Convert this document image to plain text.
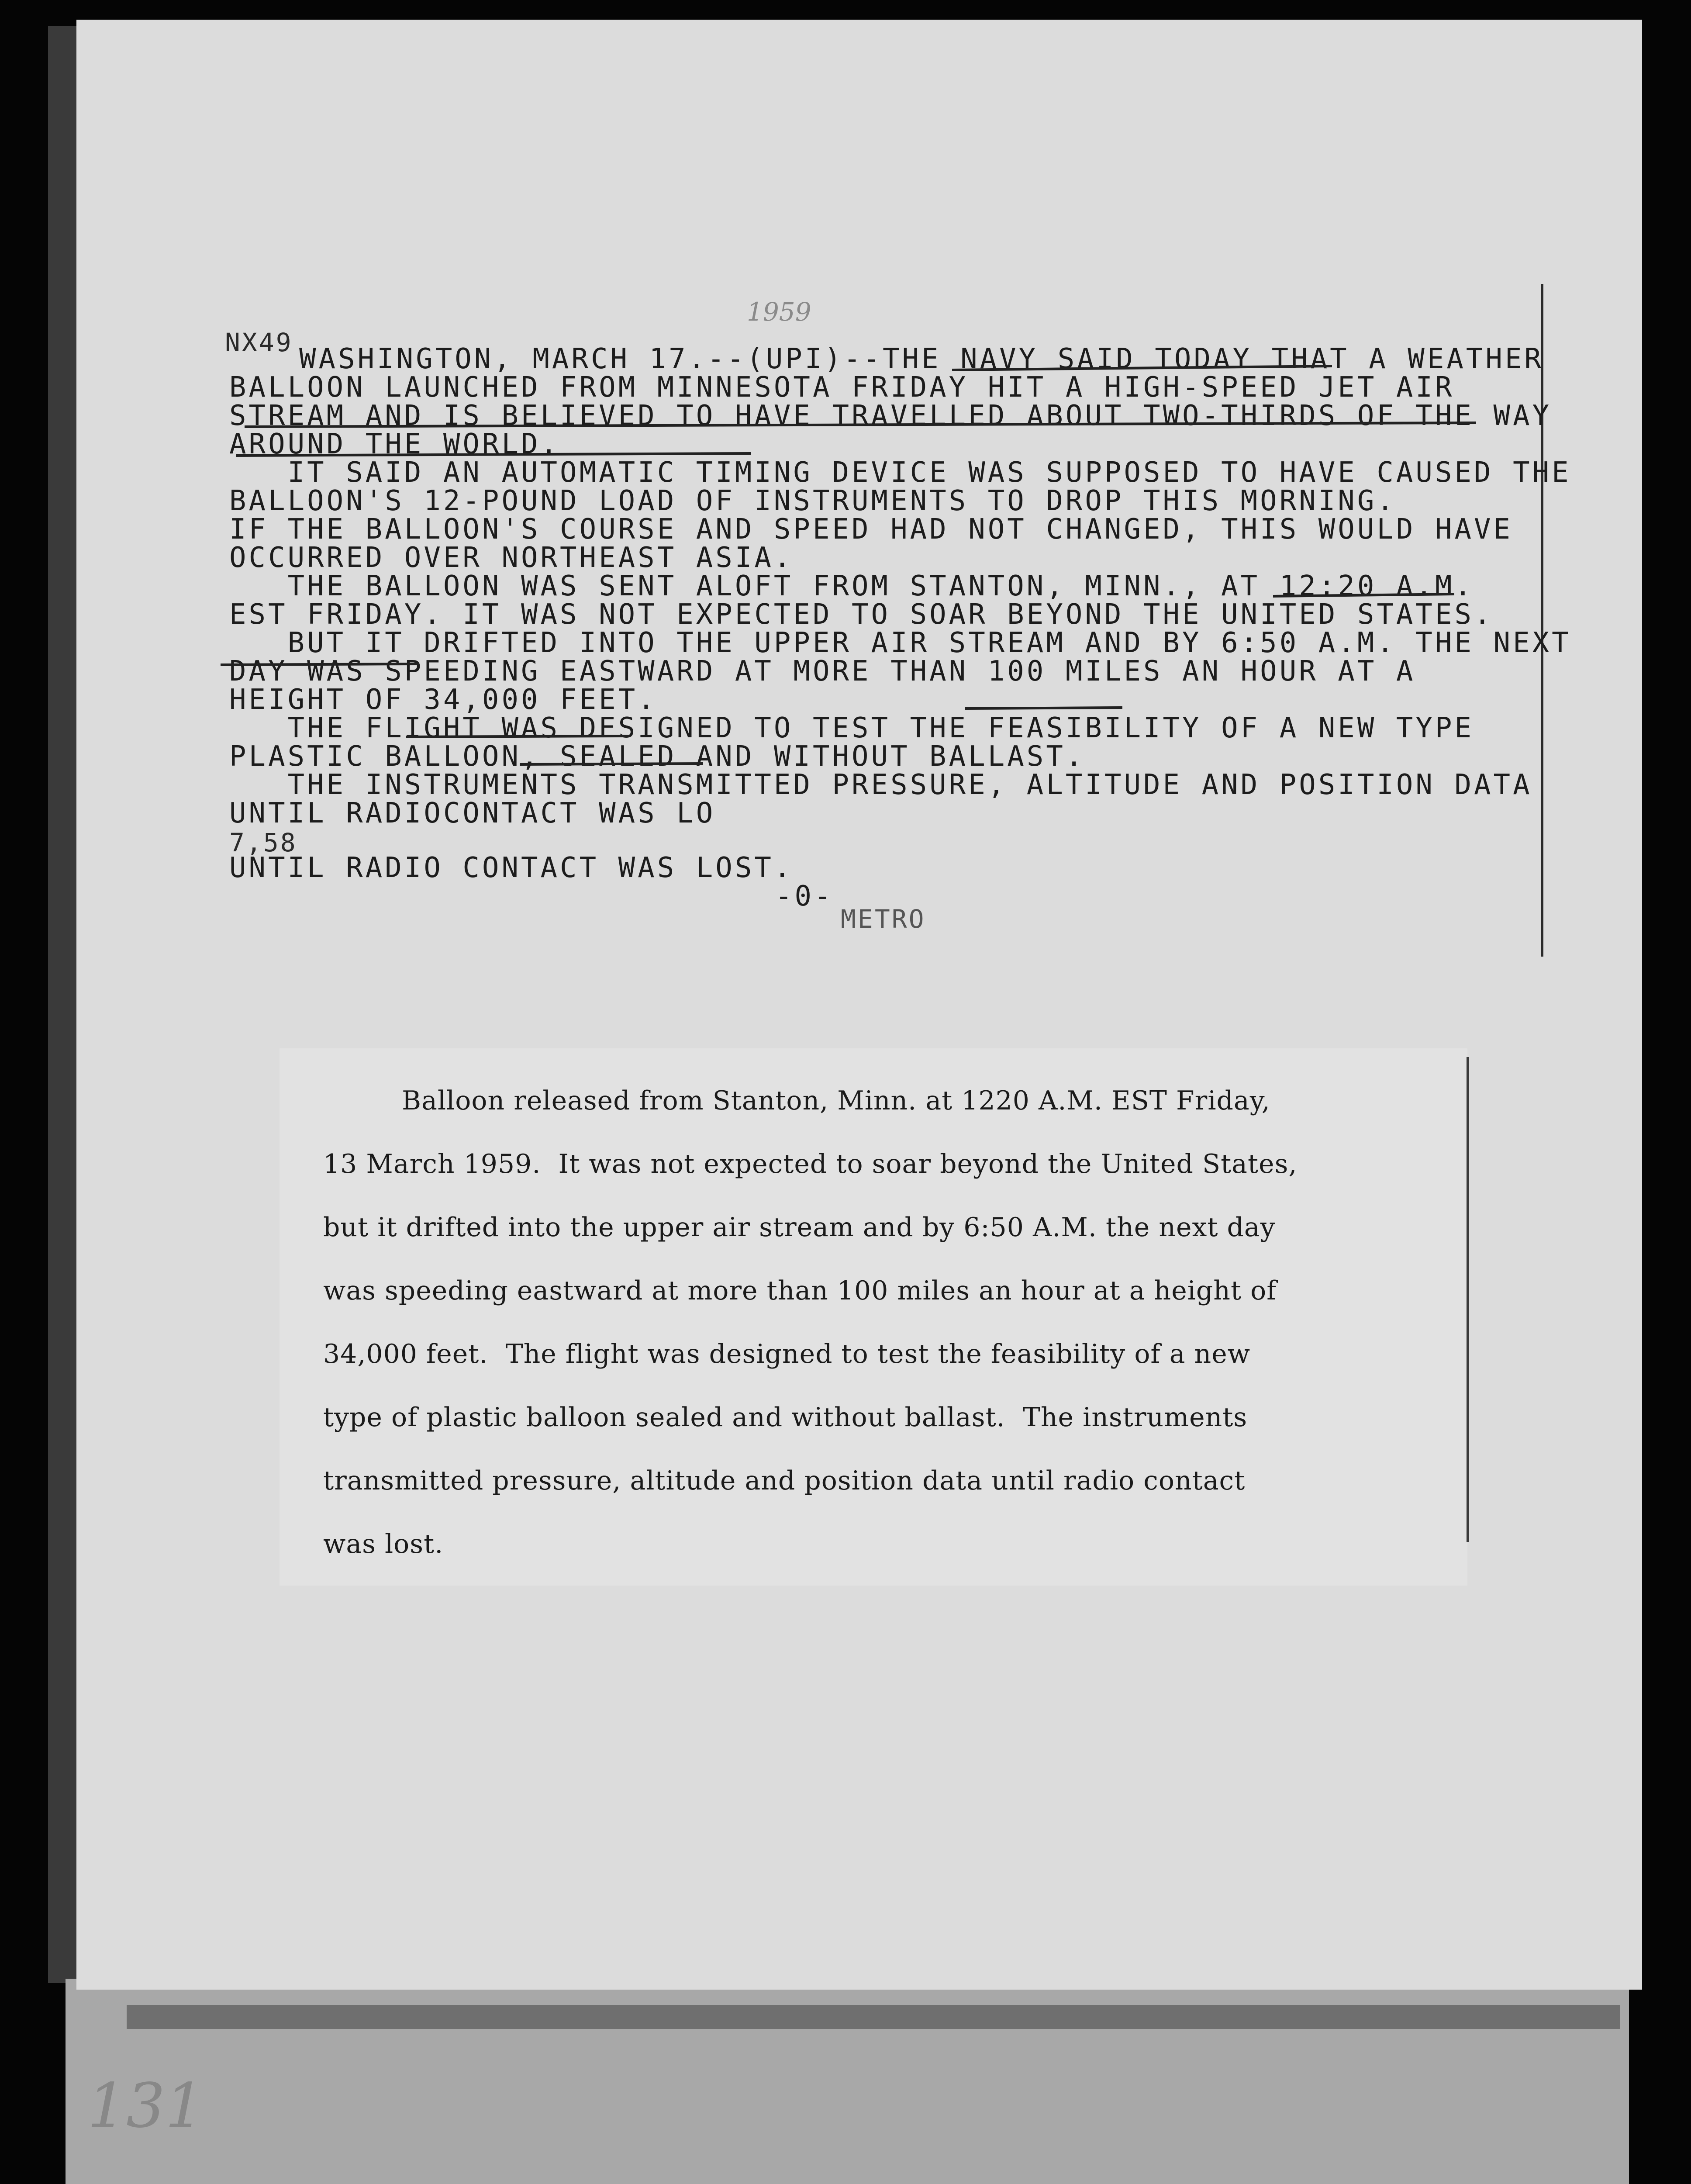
1959
NX49
WASHINGTON, MARCH 17.--(UPI)--THE NAVY SAID TODAY THAT A WEATHER
BALLOON LAUNCHED FROM MINNESOTA FRIDAY HIT A HIGH-SPEED JET AIR
STREAM AND IS BELIEVED TO HAVE TRAVELLED ABOUT TWO-THIRDS OF THE WAY
AROUND THE WORLD.
IT SAID AN AUTOMATIC TIMING DEVICE WAS SUPPOSED TO HAVE CAUSED THE
BALLOON'S 12-POUND LOAD OF INSTRUMENTS TO DROP THIS MORNING.
IF THE BALLOON'S COURSE AND SPEED HAD NOT CHANGED, THIS WOULD HAVE
OCCURRED OVER NORTHEAST ASIA.
THE BALLOON WAS SENT ALOFT FROM STANTON, MINN., AT 12:20 A.M.
EST FRIDAY. IT WAS NOT EXPECTED TO SOAR BEYOND THE UNITED STATES.
BUT IT DRIFTED INTO THE UPPER AIR STREAM AND BY 6:50 A.M. THE NEXT
DAY WAS SPEEDING EASTWARD AT MORE THAN 100 MILES AN HOUR AT A
HEIGHT OF 34,000 FEET.
THE FLIGHT WAS DESIGNED TO TEST THE FEASIBILITY OF A NEW TYPE
PLASTIC BALLOON, SEALED AND WITHOUT BALLAST.
THE INSTRUMENTS TRANSMITTED PRESSURE, ALTITUDE AND POSITION DATA
UNTIL RADIOCONTACT WAS LO
7,58
UNTIL RADIO CONTACT WAS LOST.
-0-
METRO
Balloon released from Stanton, Minn. at 1220 A.M. EST Friday,
13 March 1959.  It was not expected to soar beyond the United States,
but it drifted into the upper air stream and by 6:50 A.M. the next day
was speeding eastward at more than 100 miles an hour at a height of
34,000 feet.  The flight was designed to test the feasibility of a new
type of plastic balloon sealed and without ballast.  The instruments
transmitted pressure, altitude and position data until radio contact
was lost.
131
